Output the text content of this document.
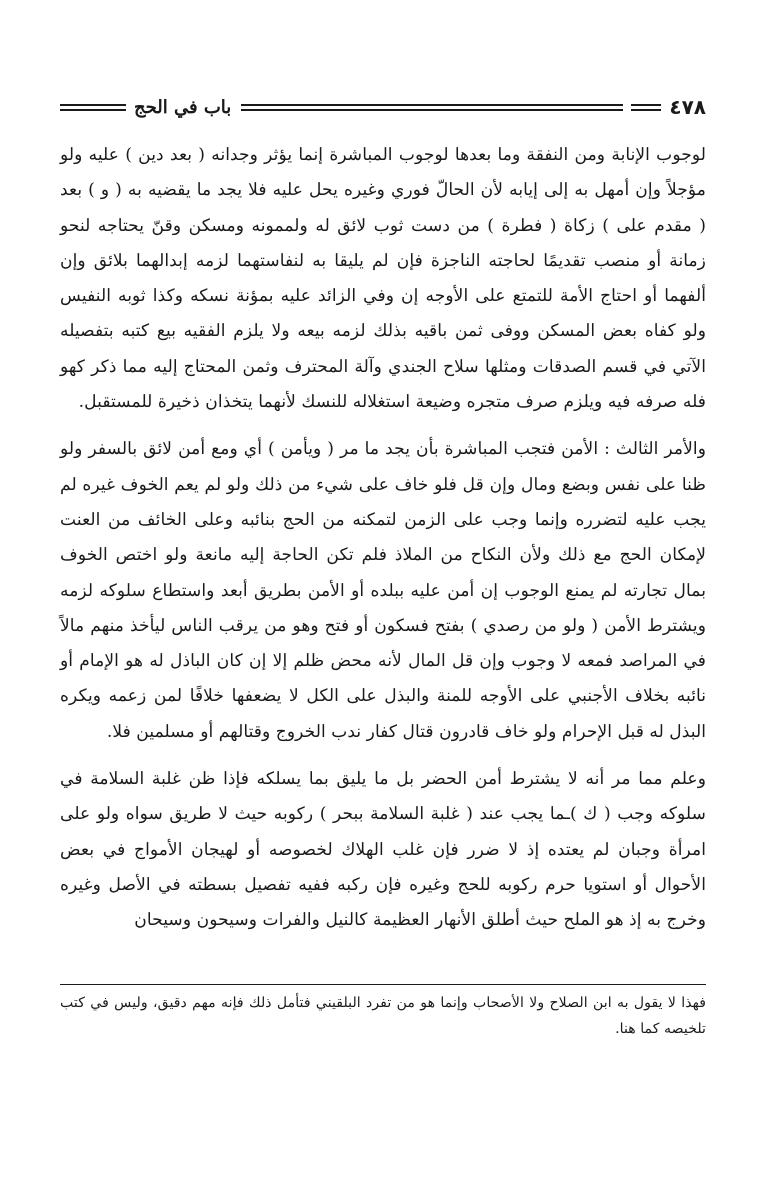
٤٧٨
باب في الحج

لوجوب الإنابة ومن النفقة وما بعدها لوجوب المباشرة إنما يؤثر وجدانه ( بعد دين ) عليه ولو مؤجلاً وإن أمهل به إلى إيابه لأن الحالّ فوري وغيره يحل عليه فلا يجد ما يقضيه به ( و ) بعد ( مقدم على ) زكاة ( فطرة ) من دست ثوب لائق له ولممونه ومسكن وقنّ يحتاجه لنحو زمانة أو منصب تقديمًا لحاجته الناجزة فإن لم يليقا به لنفاستهما لزمه إبدالهما بلائق وإن ألفهما أو احتاج الأمة للتمتع على الأوجه إن وفي الزائد عليه بمؤنة نسكه وكذا ثوبه النفيس ولو كفاه بعض المسكن ووفى ثمن باقيه بذلك لزمه بيعه ولا يلزم الفقيه بيع كتبه بتفصيله الآتي في قسم الصدقات ومثلها سلاح الجندي وآلة المحترف وثمن المحتاج إليه مما ذكر كهو فله صرفه فيه ويلزم صرف متجره وضيعة استغلاله للنسك لأنهما يتخذان ذخيرة للمستقبل.

والأمر الثالث : الأمن فتجب المباشرة بأن يجد ما مر ( ويأمن ) أي ومع أمن لائق بالسفر ولو ظنا على نفس وبضع ومال وإن قل فلو خاف على شيء من ذلك ولو لم يعم الخوف غيره لم يجب عليه لتضرره وإنما وجب على الزمن لتمكنه من الحج بنائبه وعلى الخائف من العنت لإمكان الحج مع ذلك ولأن النكاح من الملاذ فلم تكن الحاجة إليه مانعة ولو اختص الخوف بمال تجارته لم يمنع الوجوب إن أمن عليه ببلده أو الأمن بطريق أبعد واستطاع سلوكه لزمه ويشترط الأمن ( ولو من رصدي ) بفتح فسكون أو فتح وهو من يرقب الناس ليأخذ منهم مالاً في المراصد فمعه لا وجوب وإن قل المال لأنه محض ظلم إلا إن كان الباذل له هو الإمام أو نائبه بخلاف الأجنبي على الأوجه للمنة والبذل على الكل لا يضعفها خلافًا لمن زعمه ويكره البذل له قبل الإحرام ولو خاف قادرون قتال كفار ندب الخروج وقتالهم أو مسلمين فلا.

وعلم مما مر أنه لا يشترط أمن الحضر بل ما يليق بما يسلكه فإذا ظن غلبة السلامة في سلوكه وجب ( ك )ـما يجب عند ( غلبة السلامة ببحر ) ركوبه حيث لا طريق سواه ولو على امرأة وجبان لم يعتده إذ لا ضرر فإن غلب الهلاك لخصوصه أو لهيجان الأمواج في بعض الأحوال أو استويا حرم ركوبه للحج وغيره فإن ركبه ففيه تفصيل بسطته في الأصل وغيره وخرج به إذ هو الملح حيث أطلق الأنهار العظيمة كالنيل والفرات وسيحون وسيحان

فهذا لا يقول به ابن الصلاح ولا الأصحاب وإنما هو من تفرد البلقيني فتأمل ذلك فإنه مهم دقيق، وليس في كتب تلخيصه كما هنا.
